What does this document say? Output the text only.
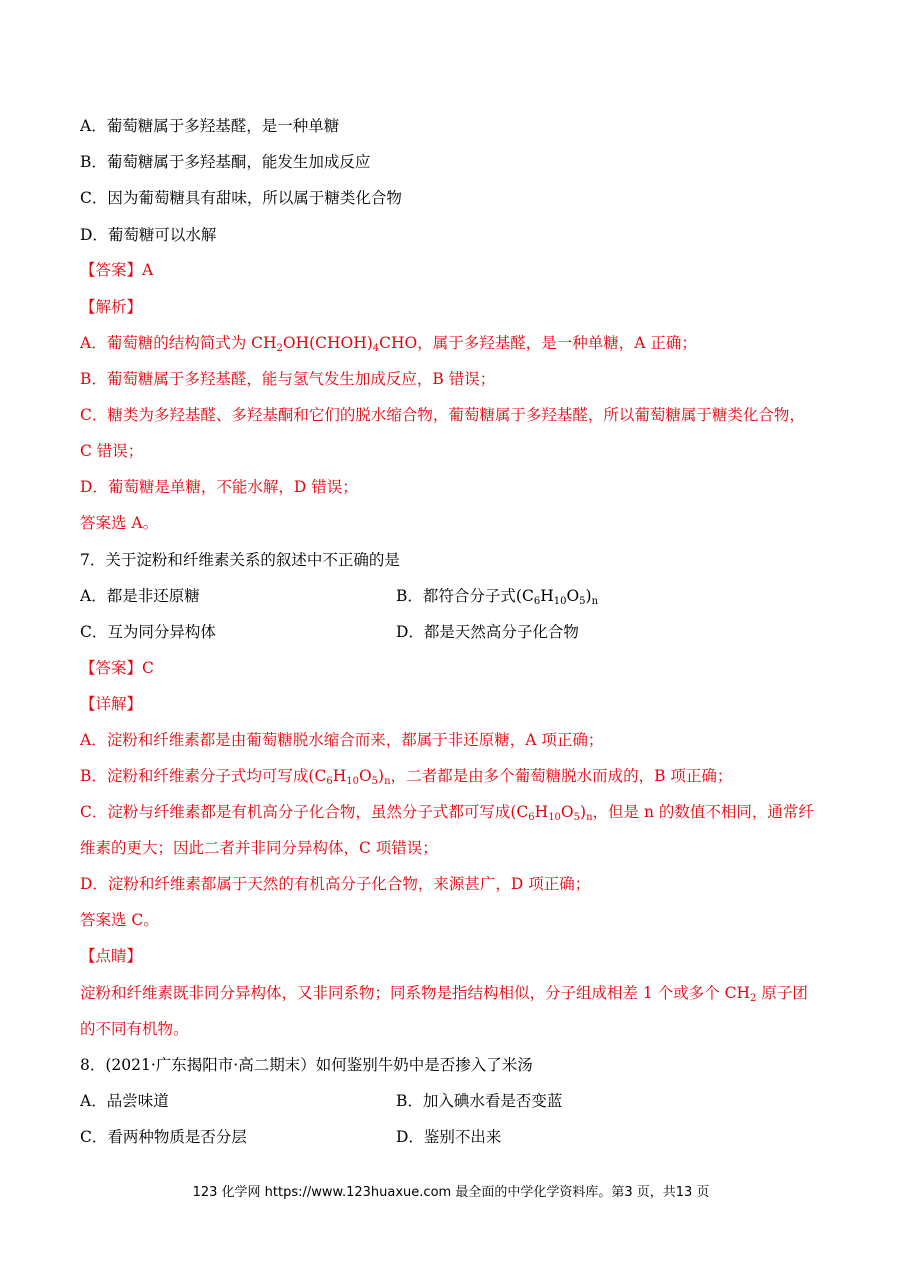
A．葡萄糖属于多羟基醛，是一种单糖
B．葡萄糖属于多羟基酮，能发生加成反应
C．因为葡萄糖具有甜味，所以属于糖类化合物
D．葡萄糖可以水解
【答案】A
【解析】
A．葡萄糖的结构简式为 $CH_2OH(CHOH)_4CHO$，属于多羟基醛，是一种单糖，A 正确；
B．葡萄糖属于多羟基醛，能与氢气发生加成反应，B 错误；
C．糖类为多羟基醛、多羟基酮和它们的脱水缩合物，葡萄糖属于多羟基醛，所以葡萄糖属于糖类化合物，
C 错误；
D．葡萄糖是单糖，不能水解，D 错误；
答案选 A。
7．关于淀粉和纤维素关系的叙述中不正确的是
A．都是非还原糖	B．都符合分子式$(C_6H_{10}O_5)_n$
C．互为同分异构体	D．都是天然高分子化合物
【答案】C
【详解】
A．淀粉和纤维素都是由葡萄糖脱水缩合而来，都属于非还原糖，A 项正确；
B．淀粉和纤维素分子式均可写成$(C_6H_{10}O_5)_n$，二者都是由多个葡萄糖脱水而成的，B 项正确；
C．淀粉与纤维素都是有机高分子化合物，虽然分子式都可写成$(C_6H_{10}O_5)_n$，但是 n 的数值不相同，通常纤
维素的更大；因此二者并非同分异构体，C 项错误；
D．淀粉和纤维素都属于天然的有机高分子化合物，来源甚广，D 项正确；
答案选 C。
【点睛】
淀粉和纤维素既非同分异构体，又非同系物；同系物是指结构相似，分子组成相差 1 个或多个 $CH_2$ 原子团
的不同有机物。
8．(2021·广东揭阳市·高二期末）如何鉴别牛奶中是否掺入了米汤
A．品尝味道	B．加入碘水看是否变蓝
C．看两种物质是否分层	D．鉴别不出来
123 化学网 https://www.123huaxue.com 最全面的中学化学资料库。第3 页，共13 页
